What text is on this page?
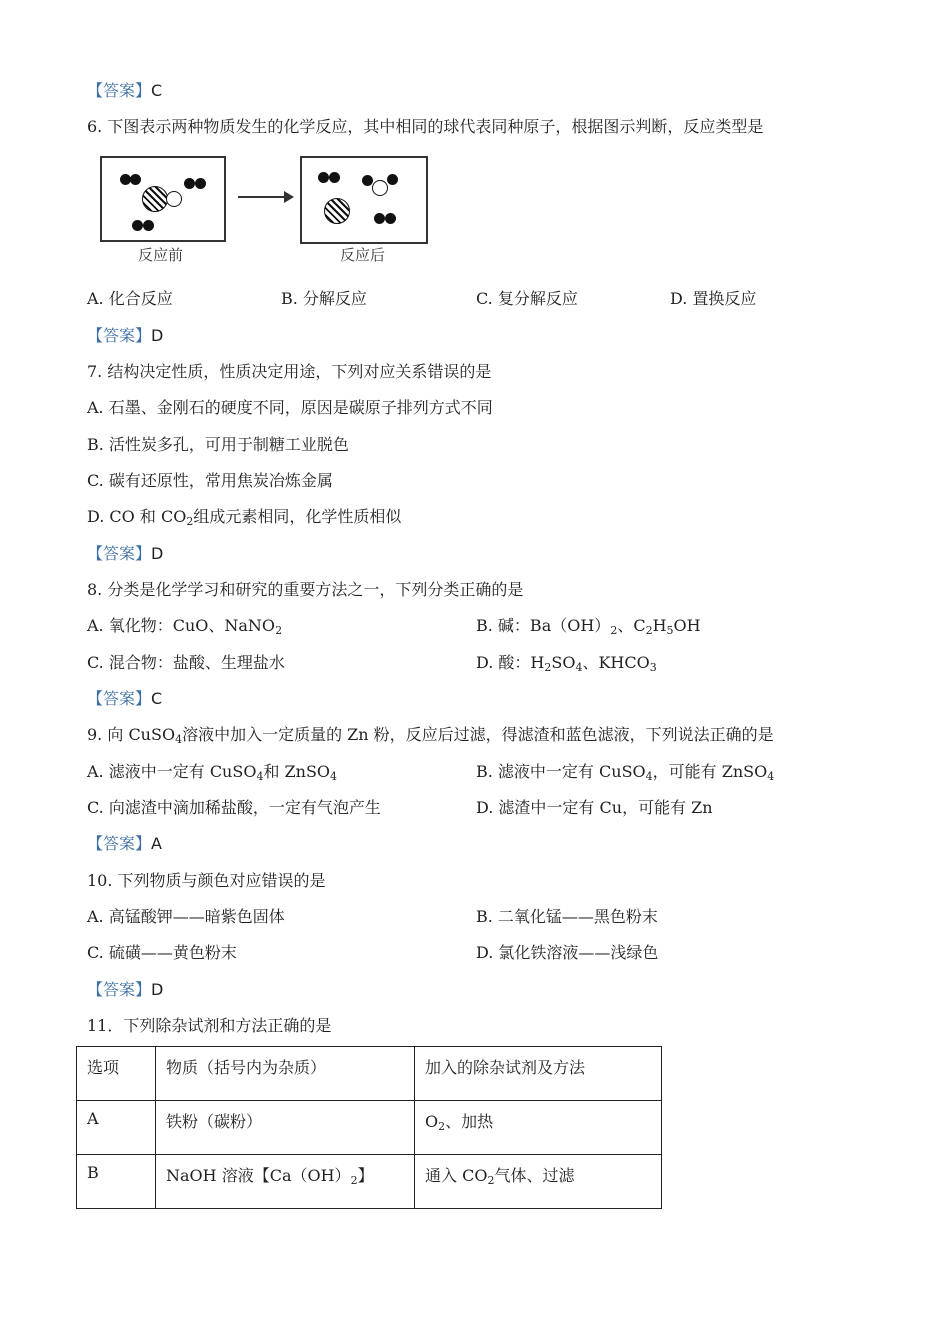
【答案】C
6. 下图表示两种物质发生的化学反应，其中相同的球代表同种原子，根据图示判断，反应类型是
反应前	反应后
A. 化合反应	B. 分解反应	C. 复分解反应	D. 置换反应
【答案】D
7. 结构决定性质，性质决定用途，下列对应关系错误的是
A. 石墨、金刚石的硬度不同，原因是碳原子排列方式不同
B. 活性炭多孔，可用于制糖工业脱色
C. 碳有还原性，常用焦炭冶炼金属
D. CO 和 $CO_2$组成元素相同，化学性质相似
【答案】D
8. 分类是化学学习和研究的重要方法之一，下列分类正确的是
A. 氧化物：CuO、NaNO$_2$	B. 碱：$Ba(OH)_2$、$C_2H_5OH$
C. 混合物：盐酸、生理盐水	D. 酸：$H_2SO_4$、$KHCO_3$
【答案】C
9. 向 CuSO$_4$溶液中加入一定质量的 Zn 粉，反应后过滤，得滤渣和蓝色滤液，下列说法正确的是
A. 滤液中一定有 CuSO$_4$和 ZnSO$_4$	B. 滤液中一定有 CuSO$_4$，可能有 ZnSO$_4$
C. 向滤渣中滴加稀盐酸，一定有气泡产生	D. 滤渣中一定有 Cu，可能有 Zn
【答案】A
10. 下列物质与颜色对应错误的是
A. 高锰酸钾——暗紫色固体	B. 二氧化锰——黑色粉末
C. 硫磺——黄色粉末	D. 氯化铁溶液——浅绿色
【答案】D
11．下列除杂试剂和方法正确的是
选项	物质（括号内为杂质）	加入的除杂试剂及方法
A	铁粉（碳粉）	$O_2$、加热
B	NaOH 溶液【$Ca(OH)_2$】	通入 $CO_2$气体、过滤
